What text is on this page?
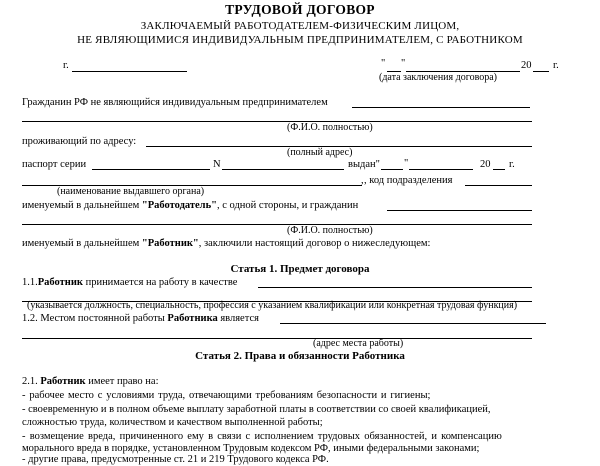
ТРУДОВОЙ ДОГОВОР
ЗАКЛЮЧАЕМЫЙ РАБОТОДАТЕЛЕМ-ФИЗИЧЕСКИМ ЛИЦОМ,
НЕ ЯВЛЯЮЩИМИСЯ ИНДИВИДУАЛЬНЫМ ПРЕДПРИНИМАТЕЛЕМ, С РАБОТНИКОМ
г.	" "	20 г.
(дата заключения договора)
Гражданин РФ не являющийся индивидуальным предпринимателем
(Ф.И.О. полностью)
проживающий по адресу:
(полный адрес)
паспорт серии	N	выдан" "	20 г.
, , код подразделения
(наименование выдавшего органа)
именуемый в дальнейшем "Работодатель", с одной стороны, и гражданин
(Ф.И.О. полностью)
именуемый в дальнейшем "Работник", заключили настоящий договор о нижеследующем:
Статья 1. Предмет договора
1.1.Работник принимается на работу в качестве
(указывается должность, специальность, профессия с указанием квалификации или конкретная трудовая функция)
1.2. Местом постоянной работы Работника является
(адрес места работы)
Статья 2. Права и обязанности Работника
2.1. Работник имеет право на:
- рабочее место с условиями труда, отвечающими требованиям безопасности и гигиены;
- своевременную и в полном объеме выплату заработной платы в соответствии со своей квалификацией,
сложностью труда, количеством и качеством выполненной работы;
- возмещение вреда, причиненного ему в связи с исполнением трудовых обязанностей, и компенсацию
морального вреда в порядке, установленном Трудовым кодексом РФ, иными федеральными законами;
- другие права, предусмотренные ст. 21 и 219 Трудового кодекса РФ.
